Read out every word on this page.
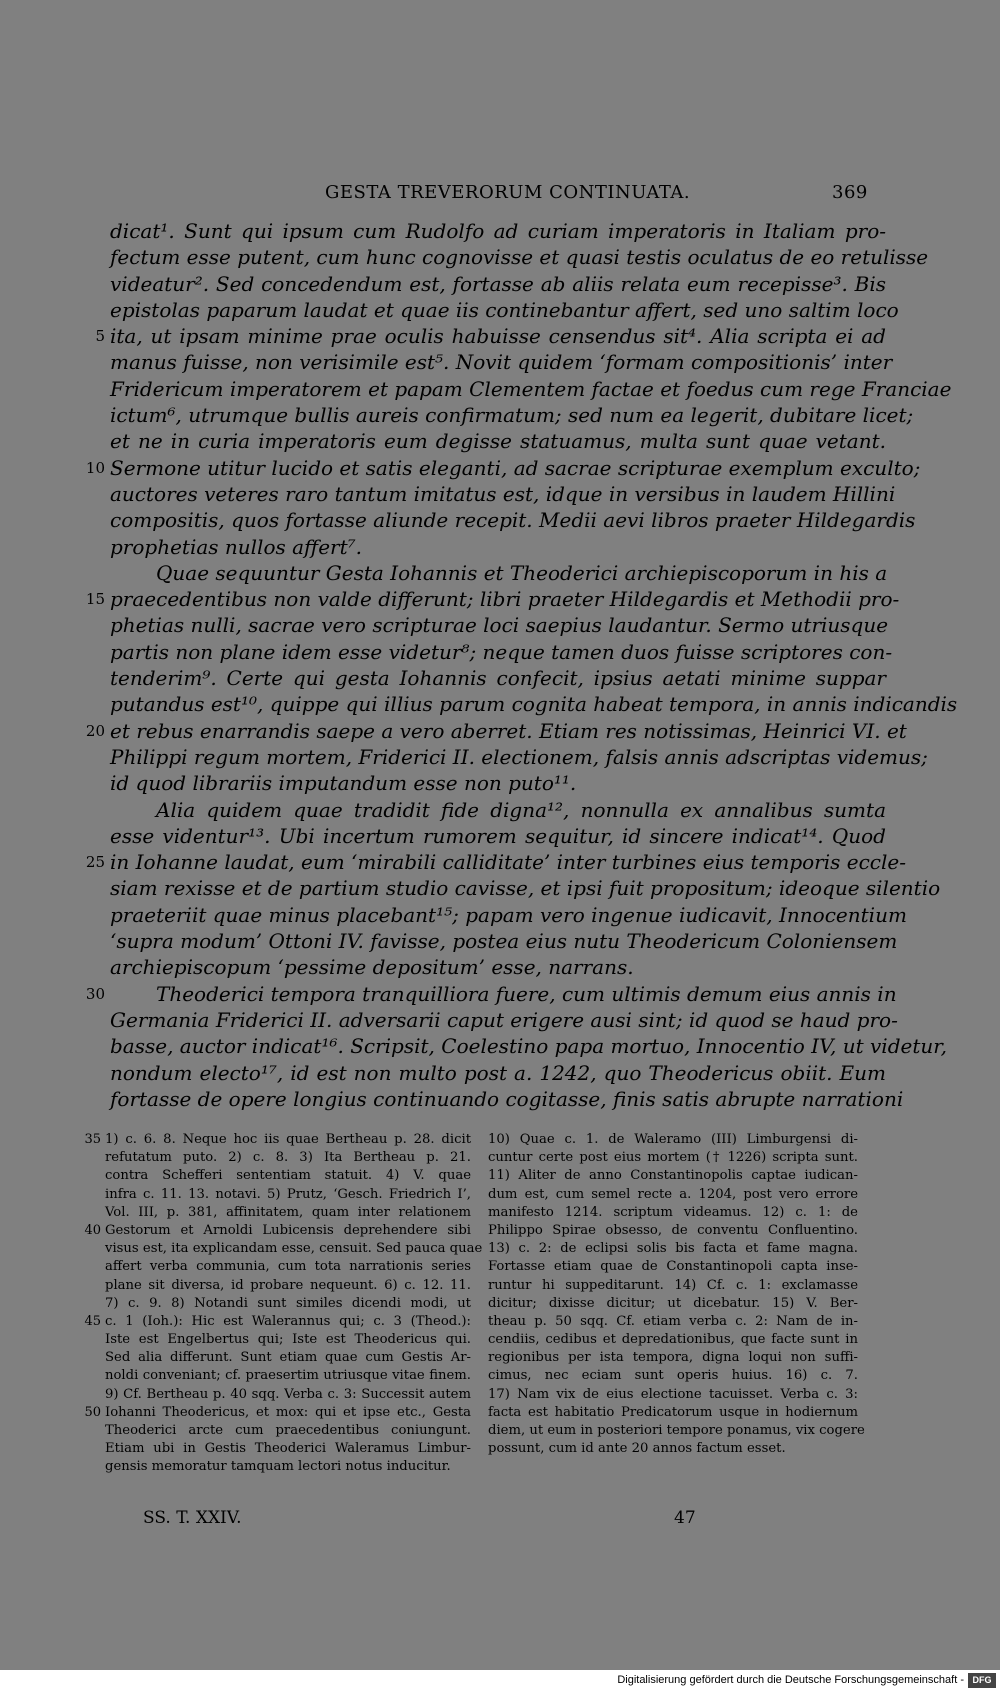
GESTA TREVERORUM CONTINUATA.	369
dicat¹. Sunt qui ipsum cum Rudolfo ad curiam imperatoris in Italiam pro-
fectum esse putent, cum hunc cognovisse et quasi testis oculatus de eo retulisse
videatur². Sed concedendum est, fortasse ab aliis relata eum recepisse³. Bis
epistolas paparum laudat et quae iis continebantur affert, sed uno saltim loco
5 ita, ut ipsam minime prae oculis habuisse censendus sit⁴. Alia scripta ei ad
manus fuisse, non verisimile est⁵. Novit quidem ‘formam compositionis’ inter
Fridericum imperatorem et papam Clementem factae et foedus cum rege Franciae
ictum⁶, utrumque bullis aureis confirmatum; sed num ea legerit, dubitare licet;
et ne in curia imperatoris eum degisse statuamus, multa sunt quae vetant.
10 Sermone utitur lucido et satis eleganti, ad sacrae scripturae exemplum exculto;
auctores veteres raro tantum imitatus est, idque in versibus in laudem Hillini
compositis, quos fortasse aliunde recepit. Medii aevi libros praeter Hildegardis
prophetias nullos affert⁷.
Quae sequuntur Gesta Iohannis et Theoderici archiepiscoporum in his a
15 praecedentibus non valde differunt; libri praeter Hildegardis et Methodii pro-
phetias nulli, sacrae vero scripturae loci saepius laudantur. Sermo utriusque
partis non plane idem esse videtur⁸; neque tamen duos fuisse scriptores con-
tenderim⁹. Certe qui gesta Iohannis confecit, ipsius aetati minime suppar
putandus est¹⁰, quippe qui illius parum cognita habeat tempora, in annis indicandis
20 et rebus enarrandis saepe a vero aberret. Etiam res notissimas, Heinrici VI. et
Philippi regum mortem, Friderici II. electionem, falsis annis adscriptas videmus;
id quod librariis imputandum esse non puto¹¹.
Alia quidem quae tradidit fide digna¹², nonnulla ex annalibus sumta
esse videntur¹³. Ubi incertum rumorem sequitur, id sincere indicat¹⁴. Quod
25 in Iohanne laudat, eum ‘mirabili calliditate’ inter turbines eius temporis eccle-
siam rexisse et de partium studio cavisse, et ipsi fuit propositum; ideoque silentio
praeteriit quae minus placebant¹⁵; papam vero ingenue iudicavit, Innocentium
‘supra modum’ Ottoni IV. favisse, postea eius nutu Theodericum Coloniensem
archiepiscopum ‘pessime depositum’ esse, narrans.
30	Theoderici tempora tranquilliora fuere, cum ultimis demum eius annis in
Germania Friderici II. adversarii caput erigere ausi sint; id quod se haud pro-
basse, auctor indicat¹⁶. Scripsit, Coelestino papa mortuo, Innocentio IV, ut videtur,
nondum electo¹⁷, id est non multo post a. 1242, quo Theodericus obiit. Eum
fortasse de opere longius continuando cogitasse, finis satis abrupte narrationi
35 1) c. 6. 8. Neque hoc iis quae Bertheau p. 28. dicit
refutatum puto. 2) c. 8. 3) Ita Bertheau p. 21.
contra Schefferi sententiam statuit. 4) V. quae
infra c. 11. 13. notavi. 5) Prutz, ‘Gesch. Friedrich I’,
Vol. III, p. 381, affinitatem, quam inter relationem
40 Gestorum et Arnoldi Lubicensis deprehendere sibi
visus est, ita explicandam esse, censuit. Sed pauca quae
affert verba communia, cum tota narrationis series
plane sit diversa, id probare nequeunt. 6) c. 12. 11.
7) c. 9. 8) Notandi sunt similes dicendi modi, ut
45 c. 1 (Ioh.): Hic est Walerannus qui; c. 3 (Theod.):
Iste est Engelbertus qui; Iste est Theodericus qui.
Sed alia differunt. Sunt etiam quae cum Gestis Ar-
noldi conveniant; cf. praesertim utriusque vitae finem.
9) Cf. Bertheau p. 40 sqq. Verba c. 3: Successit autem
50 Iohanni Theodericus, et mox: qui et ipse etc., Gesta
Theoderici arcte cum praecedentibus coniungunt.
Etiam ubi in Gestis Theoderici Waleramus Limbur-
gensis memoratur tamquam lectori notus inducitur.
10) Quae c. 1. de Waleramo (III) Limburgensi di-
cuntur certe post eius mortem († 1226) scripta sunt.
11) Aliter de anno Constantinopolis captae iudican-
dum est, cum semel recte a. 1204, post vero errore
manifesto 1214. scriptum videamus. 12) c. 1: de
Philippo Spirae obsesso, de conventu Confluentino.
13) c. 2: de eclipsi solis bis facta et fame magna.
Fortasse etiam quae de Constantinopoli capta inse-
runtur hi suppeditarunt. 14) Cf. c. 1: exclamasse
dicitur; dixisse dicitur; ut dicebatur. 15) V. Ber-
theau p. 50 sqq. Cf. etiam verba c. 2: Nam de in-
cendiis, cedibus et depredationibus, que facte sunt in
regionibus per ista tempora, digna loqui non suffi-
cimus, nec eciam sunt operis huius. 16) c. 7.
17) Nam vix de eius electione tacuisset. Verba c. 3:
facta est habitatio Predicatorum usque in hodiernum
diem, ut eum in posteriori tempore ponamus, vix cogere
possunt, cum id ante 20 annos factum esset.
SS. T. XXIV.	47
Digitalisierung gefördert durch die Deutsche Forschungsgemeinschaft - DFG
